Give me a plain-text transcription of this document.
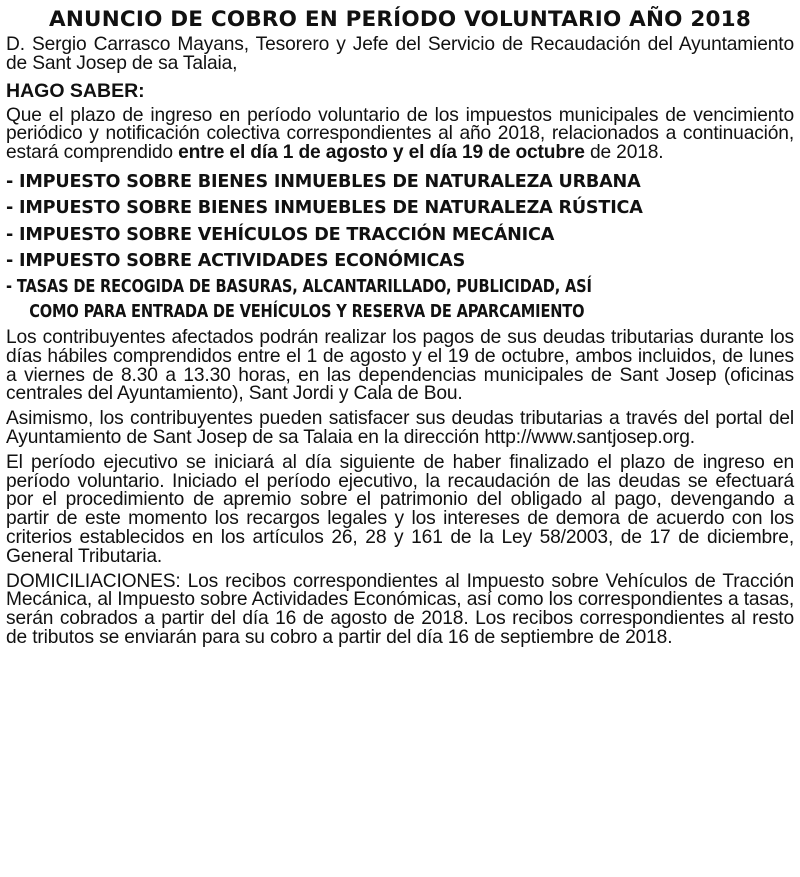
ANUNCIO DE COBRO EN PERÍODO VOLUNTARIO AÑO 2018

D. Sergio Carrasco Mayans, Tesorero y Jefe del Servicio de Recaudación del Ayuntamiento de Sant Josep de sa Talaia,

HAGO SABER:

Que el plazo de ingreso en período voluntario de los impuestos municipales de vencimiento periódico y notificación colectiva correspondientes al año 2018, relacionados a continuación, estará comprendido entre el día 1 de agosto y el día 19 de octubre de 2018.

- IMPUESTO SOBRE BIENES INMUEBLES DE NATURALEZA URBANA
- IMPUESTO SOBRE BIENES INMUEBLES DE NATURALEZA RÚSTICA
- IMPUESTO SOBRE VEHÍCULOS DE TRACCIÓN MECÁNICA
- IMPUESTO SOBRE ACTIVIDADES ECONÓMICAS
- TASAS DE RECOGIDA DE BASURAS, ALCANTARILLADO, PUBLICIDAD, ASÍ
COMO PARA ENTRADA DE VEHÍCULOS Y RESERVA DE APARCAMIENTO

Los contribuyentes afectados podrán realizar los pagos de sus deudas tributarias durante los días hábiles comprendidos entre el 1 de agosto y el 19 de octubre, ambos incluidos, de lunes a viernes de 8.30 a 13.30 horas, en las dependencias municipales de Sant Josep (oficinas centrales del Ayuntamiento), Sant Jordi y Cala de Bou.

Asimismo, los contribuyentes pueden satisfacer sus deudas tributarias a través del portal del Ayuntamiento de Sant Josep de sa Talaia en la dirección http://www.santjosep.org.

El período ejecutivo se iniciará al día siguiente de haber finalizado el plazo de ingreso en período voluntario. Iniciado el período ejecutivo, la recaudación de las deudas se efectuará por el procedimiento de apremio sobre el patrimonio del obligado al pago, devengando a partir de este momento los recargos legales y los intereses de demora de acuerdo con los criterios establecidos en los artículos 26, 28 y 161 de la Ley 58/2003, de 17 de diciembre, General Tributaria.

DOMICILIACIONES: Los recibos correspondientes al Impuesto sobre Vehículos de Tracción Mecánica, al Impuesto sobre Actividades Económicas, así como los correspondientes a tasas, serán cobrados a partir del día 16 de agosto de 2018. Los recibos correspondientes al resto de tributos se enviarán para su cobro a partir del día 16 de septiembre de 2018.
